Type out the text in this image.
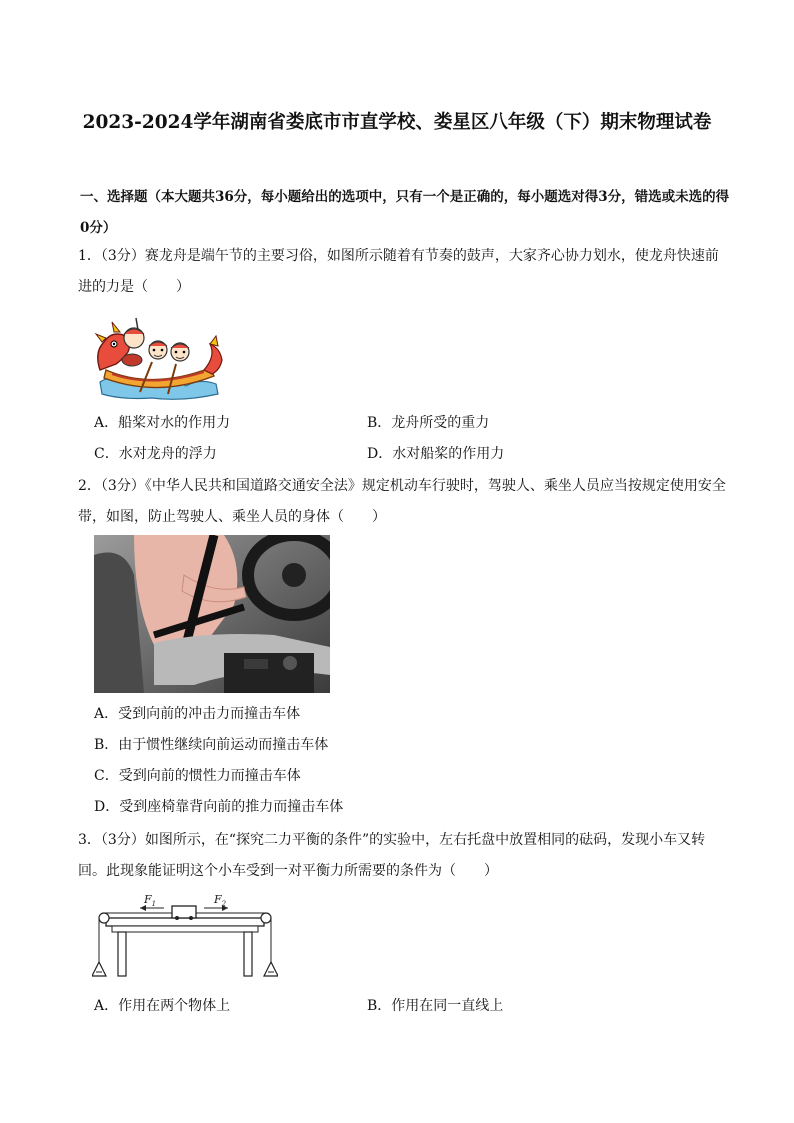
2023-2024学年湖南省娄底市市直学校、娄星区八年级（下）期末物理试卷

一、选择题（本大题共36分，每小题给出的选项中，只有一个是正确的，每小题选对得3分，错选或未选的得0分）

1．（3分）赛龙舟是端午节的主要习俗，如图所示随着有节奏的鼓声，大家齐心协力划水，使龙舟快速前进的力是（　　）

A．船桨对水的作用力	B．龙舟所受的重力

C．水对龙舟的浮力	D．水对船桨的作用力

2．（3分）《中华人民共和国道路交通安全法》规定机动车行驶时，驾驶人、乘坐人员应当按规定使用安全带，如图，防止驾驶人、乘坐人员的身体（　　）

A．受到向前的冲击力而撞击车体

B．由于惯性继续向前运动而撞击车体

C．受到向前的惯性力而撞击车体

D．受到座椅靠背向前的推力而撞击车体

3．（3分）如图所示，在“探究二力平衡的条件”的实验中，左右托盘中放置相同的砝码，发现小车又转回。此现象能证明这个小车受到一对平衡力所需要的条件为（　　）

$F_1$	$F_2$

A．作用在两个物体上	B．作用在同一直线上
